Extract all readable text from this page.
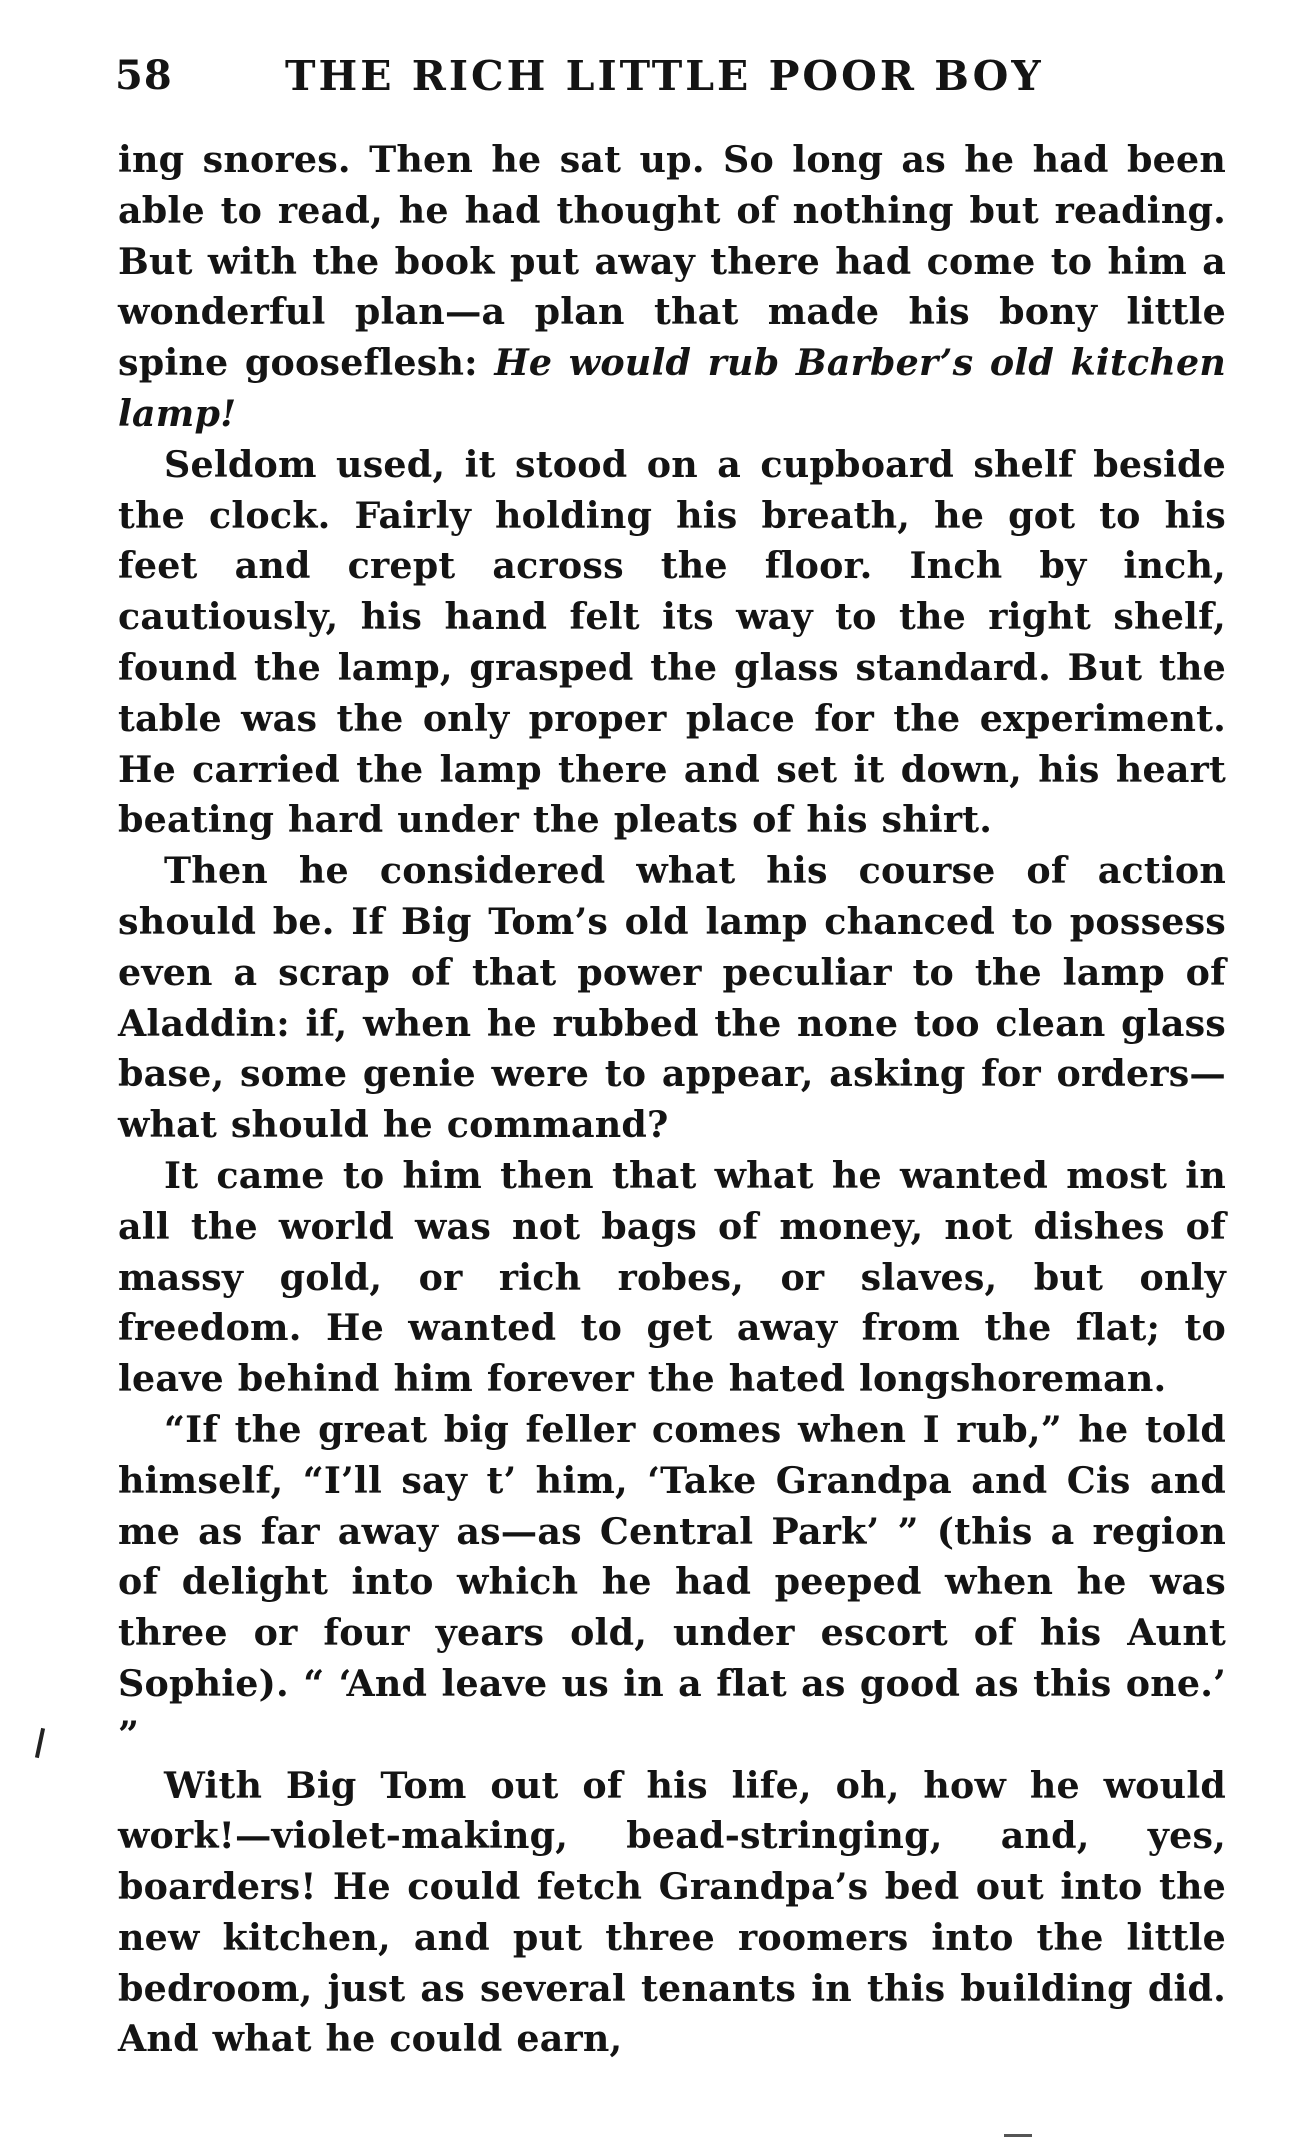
58	THE RICH LITTLE POOR BOY

ing snores. Then he sat up. So long as he had been able to read, he had thought of nothing but reading. But with the book put away there had come to him a wonderful plan—a plan that made his bony little spine gooseflesh: He would rub Barber’s old kitchen lamp!

Seldom used, it stood on a cupboard shelf beside the clock. Fairly holding his breath, he got to his feet and crept across the floor. Inch by inch, cautiously, his hand felt its way to the right shelf, found the lamp, grasped the glass standard. But the table was the only proper place for the experiment. He carried the lamp there and set it down, his heart beating hard under the pleats of his shirt.

Then he considered what his course of action should be. If Big Tom’s old lamp chanced to possess even a scrap of that power peculiar to the lamp of Aladdin: if, when he rubbed the none too clean glass base, some genie were to appear, asking for orders—what should he command?

It came to him then that what he wanted most in all the world was not bags of money, not dishes of massy gold, or rich robes, or slaves, but only freedom. He wanted to get away from the flat; to leave behind him forever the hated longshoreman.

“If the great big feller comes when I rub,” he told himself, “I’ll say t’ him, ‘Take Grandpa and Cis and me as far away as—as Central Park’ ” (this a region of delight into which he had peeped when he was three or four years old, under escort of his Aunt Sophie). “ ‘And leave us in a flat as good as this one.’ ”

With Big Tom out of his life, oh, how he would work!—violet-making, bead-stringing, and, yes, boarders! He could fetch Grandpa’s bed out into the new kitchen, and put three roomers into the little bedroom, just as several tenants in this building did. And what he could earn,
